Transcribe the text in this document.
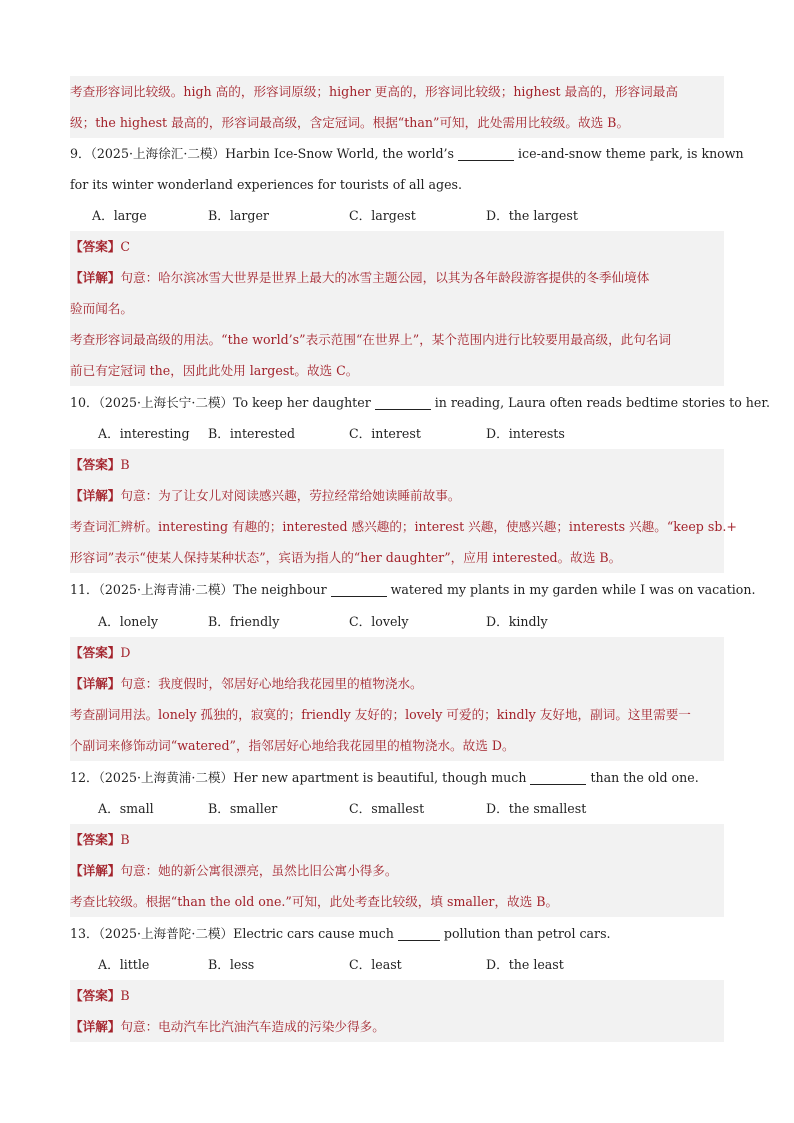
考查形容词比较级。high 高的，形容词原级；higher 更高的，形容词比较级；highest 最高的，形容词最高
级；the highest 最高的，形容词最高级，含定冠词。根据“than”可知，此处需用比较级。故选 B。
9．（2025·上海徐汇·二模）Harbin Ice-Snow World, the world’s	ice-and-snow theme park, is known
for its winter wonderland experiences for tourists of all ages.
A．large	B．larger	C．largest	D．the largest
【答案】C
【详解】句意：哈尔滨冰雪大世界是世界上最大的冰雪主题公园，以其为各年龄段游客提供的冬季仙境体
验而闻名。
考查形容词最高级的用法。“the world’s”表示范围“在世界上”，某个范围内进行比较要用最高级，此句名词
前已有定冠词 the，因此此处用 largest。故选 C。
10．（2025·上海长宁·二模）To keep her daughter	in reading, Laura often reads bedtime stories to her.
A．interesting B．interested	C．interest	D．interests
【答案】B
【详解】句意：为了让女儿对阅读感兴趣，劳拉经常给她读睡前故事。
考查词汇辨析。interesting 有趣的；interested 感兴趣的；interest 兴趣，使感兴趣；interests 兴趣。“keep sb.+
形容词”表示“使某人保持某种状态”，宾语为指人的“her daughter”，应用 interested。故选 B。
11．（2025·上海青浦·二模）The neighbour	watered my plants in my garden while I was on vacation.
A．lonely	B．friendly	C．lovely	D．kindly
【答案】D
【详解】句意：我度假时，邻居好心地给我花园里的植物浇水。
考查副词用法。lonely 孤独的，寂寞的；friendly 友好的；lovely 可爱的；kindly 友好地，副词。这里需要一
个副词来修饰动词“watered”，指邻居好心地给我花园里的植物浇水。故选 D。
12．（2025·上海黄浦·二模）Her new apartment is beautiful, though much	than the old one.
A．small	B．smaller	C．smallest	D．the smallest
【答案】B
【详解】句意：她的新公寓很漂亮，虽然比旧公寓小得多。
考查比较级。根据“than the old one.”可知，此处考查比较级，填 smaller，故选 B。
13．（2025·上海普陀·二模）Electric cars cause much	pollution than petrol cars.
A．little	B．less	C．least	D．the least
【答案】B
【详解】句意：电动汽车比汽油汽车造成的污染少得多。
